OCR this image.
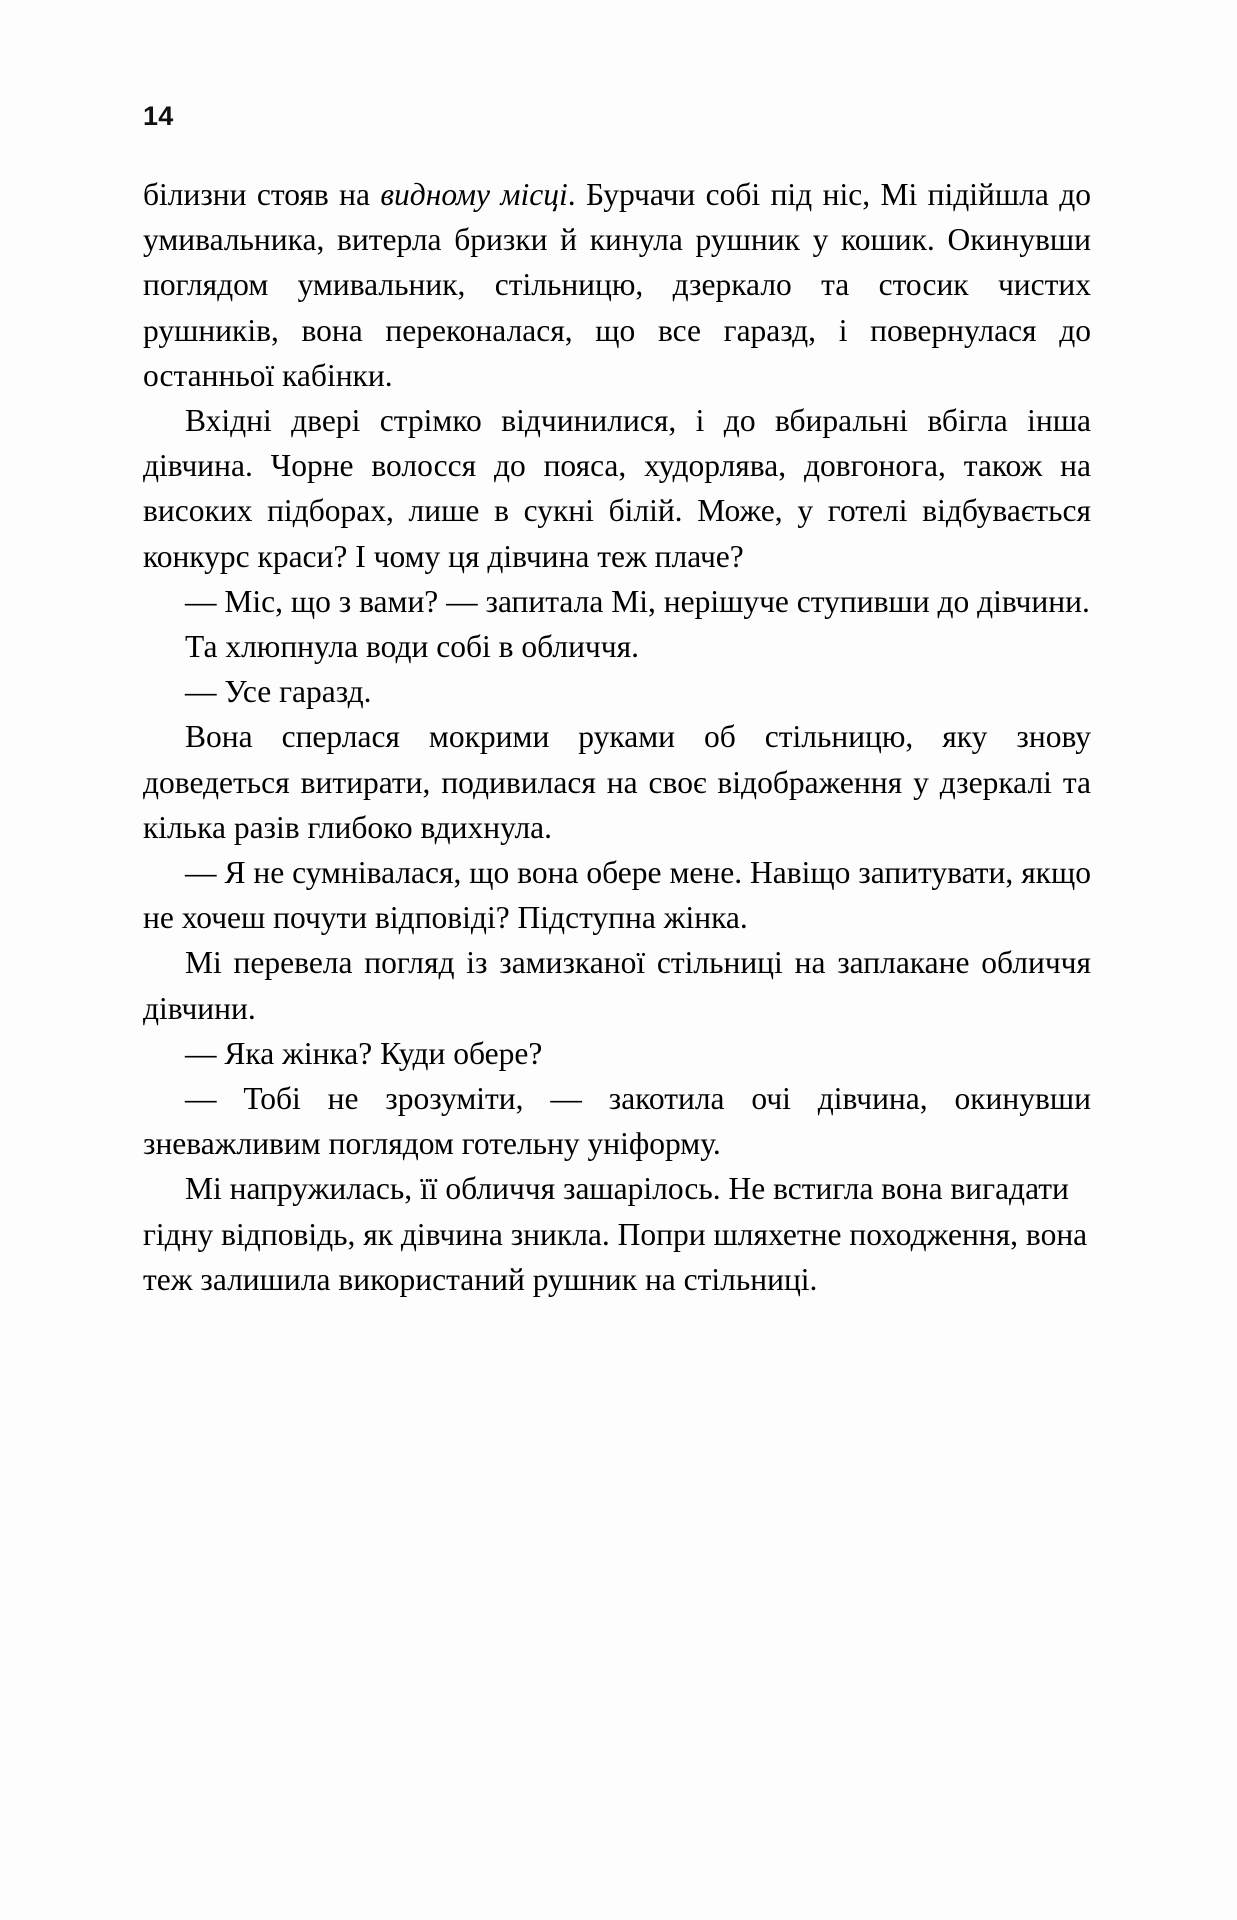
14

білизни стояв на видному місці. Бурчачи собі під ніс, Мі підійшла до умивальника, витерла бризки й кинула рушник у кошик. Окинувши поглядом умивальник, стільницю, дзеркало та стосик чистих рушників, вона переконалася, що все гаразд, і повернулася до останньої кабінки.

Вхідні двері стрімко відчинилися, і до вбиральні вбігла інша дівчина. Чорне волосся до пояса, худорлява, довгонога, також на високих підборах, лише в сукні білій. Може, у готелі відбувається конкурс краси? І чому ця дівчина теж плаче?

— Міс, що з вами? — запитала Мі, нерішуче ступивши до дівчини.

Та хлюпнула води собі в обличчя.

— Усе гаразд.

Вона сперлася мокрими руками об стільницю, яку знову доведеться витирати, подивилася на своє відображення у дзеркалі та кілька разів глибоко вдихнула.

— Я не сумнівалася, що вона обере мене. Навіщо запитувати, якщо не хочеш почути відповіді? Підступна жінка.

Мі перевела погляд із замизканої стільниці на заплакане обличчя дівчини.

— Яка жінка? Куди обере?

— Тобі не зрозуміти, — закотила очі дівчина, окинувши зневажливим поглядом готельну уніформу.

Мі напружилась, її обличчя зашарілось. Не встигла вона вигадати гідну відповідь, як дівчина зникла. Попри шляхетне походження, вона теж залишила використаний рушник на стільниці.
